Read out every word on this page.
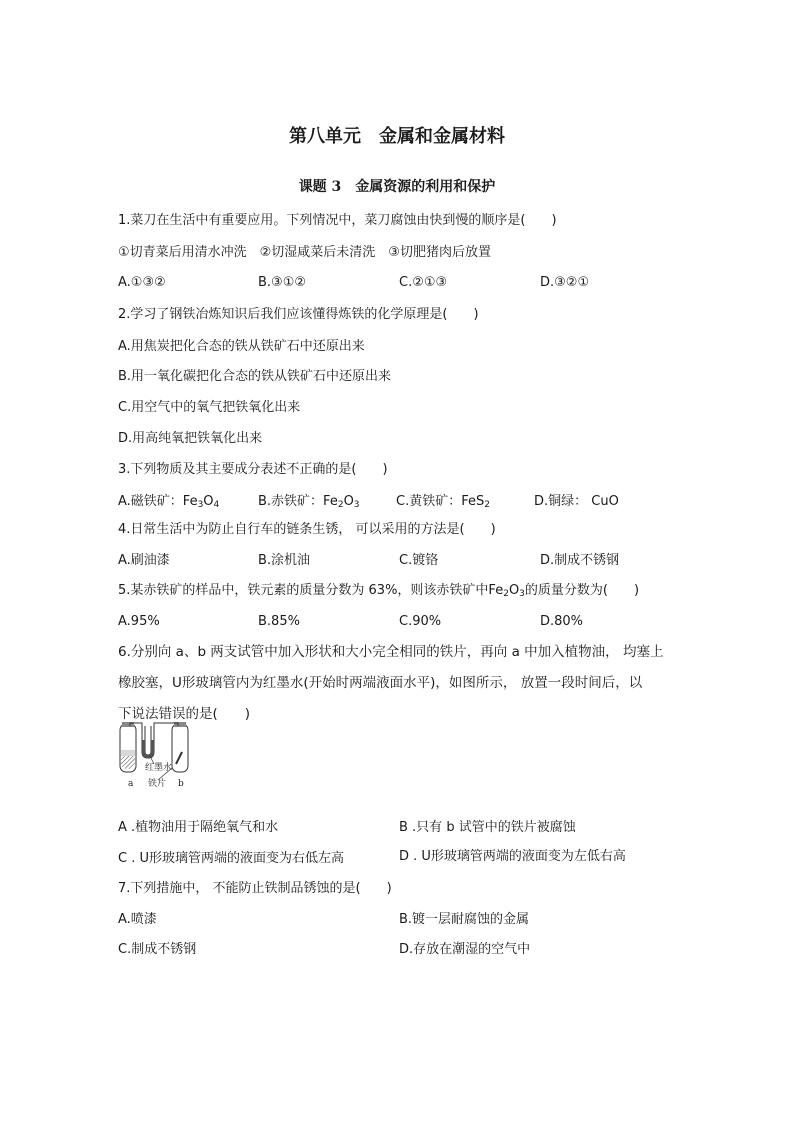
第八单元　金属和金属材料
课题 3　金属资源的利用和保护
1.菜刀在生活中有重要应用。下列情况中，菜刀腐蚀由快到慢的顺序是(　　)
①切青菜后用清水冲洗　②切湿咸菜后未清洗　③切肥猪肉后放置
A.①③②	B.③①②	C.②①③	D.③②①
2.学习了钢铁冶炼知识后我们应该懂得炼铁的化学原理是(　　)
A.用焦炭把化合态的铁从铁矿石中还原出来
B.用一氧化碳把化合态的铁从铁矿石中还原出来
C.用空气中的氧气把铁氧化出来
D.用高纯氧把铁氧化出来
3.下列物质及其主要成分表述不正确的是(　　)
A.磁铁矿：$Fe_3O_4$	B.赤铁矿：$Fe_2O_3$	C.黄铁矿：FeS$_2$	D.铜绿： CuO
4.日常生活中为防止自行车的链条生锈， 可以采用的方法是(　　)
A.刷油漆	B.涂机油	C.镀铬	D.制成不锈钢
5.某赤铁矿的样品中，铁元素的质量分数为 63%，则该赤铁矿中$Fe_2O_3$的质量分数为(　　)
A.95%	B.85%	C.90%	D.80%
6.分别向 a、b 两支试管中加入形状和大小完全相同的铁片，再向 a 中加入植物油， 均塞上
橡胶塞，U形玻璃管内为红墨水(开始时两端液面水平)，如图所示， 放置一段时间后，以
下说法错误的是(　　)
红墨水
铁片
a	b
A .植物油用于隔绝氧气和水	B .只有 b 试管中的铁片被腐蚀
C . U形玻璃管两端的液面变为右低左高	D . U形玻璃管两端的液面变为左低右高
7.下列措施中， 不能防止铁制品锈蚀的是(　　)
A.喷漆	B.镀一层耐腐蚀的金属
C.制成不锈钢	D.存放在潮湿的空气中
